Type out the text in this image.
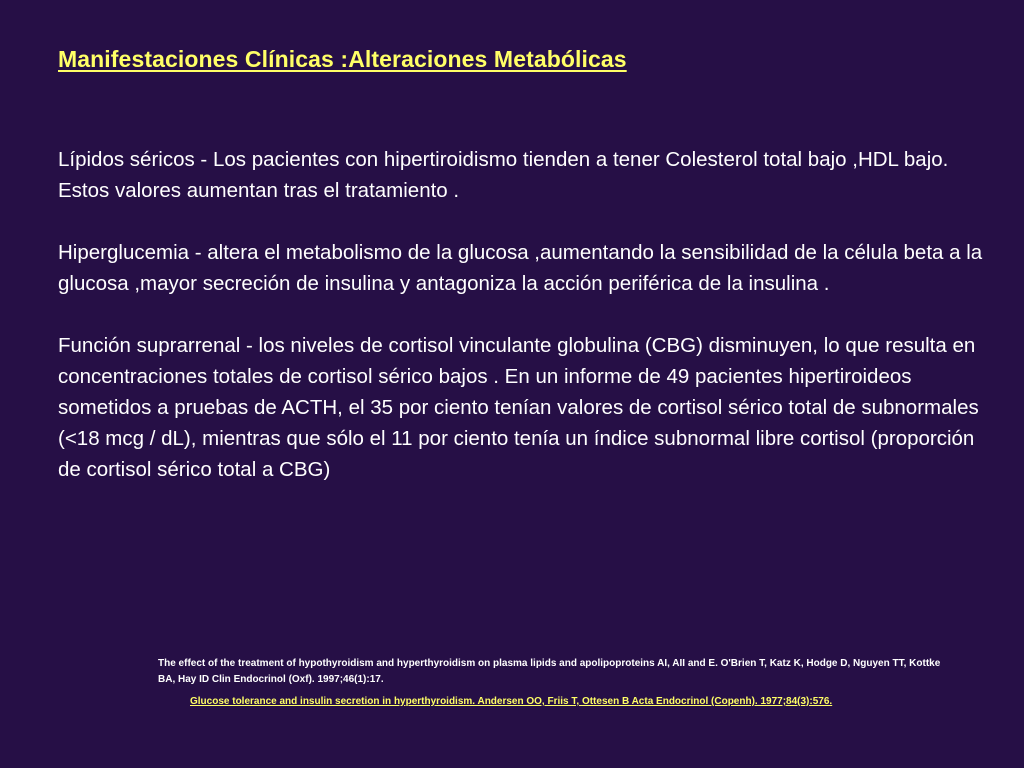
Manifestaciones Clínicas :Alteraciones Metabólicas

Lípidos séricos - Los pacientes con hipertiroidismo tienden a tener Colesterol total bajo ,HDL bajo. Estos valores aumentan tras el tratamiento .

Hiperglucemia - altera el metabolismo de la glucosa ,aumentando la sensibilidad de la célula beta a la glucosa ,mayor secreción de insulina y antagoniza la acción periférica de la insulina .

Función suprarrenal - los niveles de cortisol vinculante globulina (CBG) disminuyen, lo que resulta en concentraciones totales de cortisol sérico bajos . En un informe de 49 pacientes hipertiroideos sometidos a pruebas de ACTH, el 35 por ciento tenían valores de cortisol sérico total de subnormales (<18 mcg / dL), mientras que sólo el 11 por ciento tenía un índice subnormal libre cortisol (proporción de cortisol sérico total a CBG)

The effect of the treatment of hypothyroidism and hyperthyroidism on plasma lipids and apolipoproteins AI, AII and E. O'Brien T, Katz K, Hodge D, Nguyen TT, Kottke BA, Hay ID Clin Endocrinol (Oxf). 1997;46(1):17.

Glucose tolerance and insulin secretion in hyperthyroidism. Andersen OO, Friis T, Ottesen B Acta Endocrinol (Copenh). 1977;84(3):576.
